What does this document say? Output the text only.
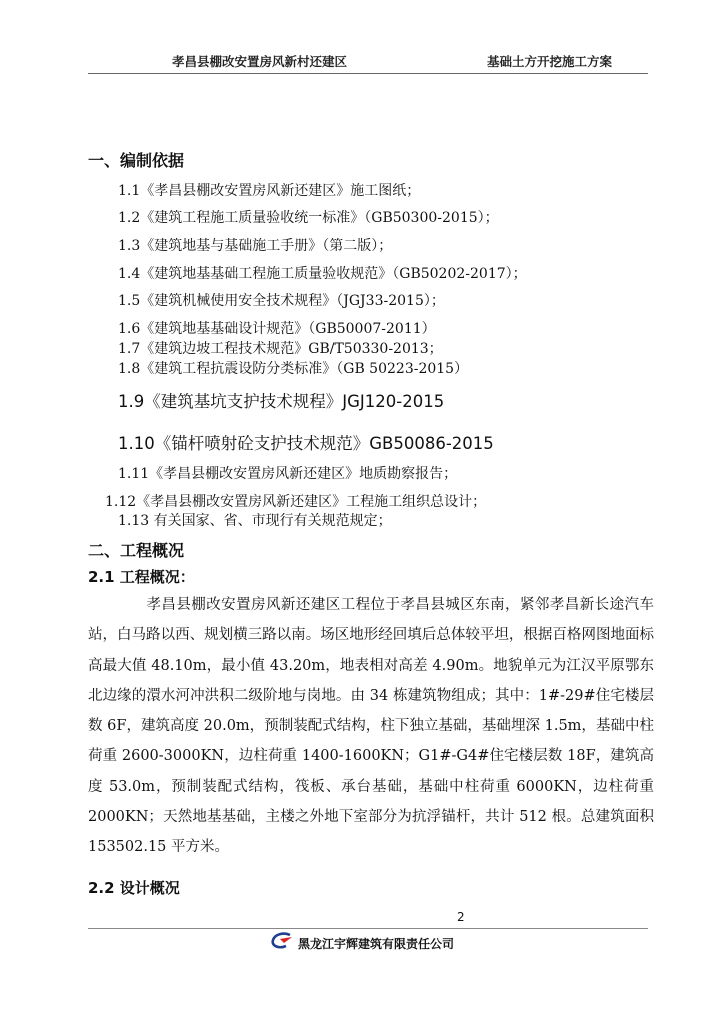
孝昌县棚改安置房风新村还建区	基础土方开挖施工方案
一、编制依据
1.1《孝昌县棚改安置房风新还建区》施工图纸；
1.2《建筑工程施工质量验收统一标准》（GB50300-2015）；
1.3《建筑地基与基础施工手册》（第二版）；
1.4《建筑地基基础工程施工质量验收规范》（GB50202-2017）；
1.5《建筑机械使用安全技术规程》（JGJ33-2015）；
1.6《建筑地基基础设计规范》（GB50007-2011）
1.7《建筑边坡工程技术规范》GB/T50330-2013；
1.8《建筑工程抗震设防分类标准》（GB 50223-2015）
1.9《建筑基坑支护技术规程》JGJ120-2015
1.10《锚杆喷射砼支护技术规范》GB50086-2015
1.11《孝昌县棚改安置房风新还建区》地质勘察报告；
1.12《孝昌县棚改安置房风新还建区》工程施工组织总设计；
1.13 有关国家、省、市现行有关规范规定；
二、工程概况
2.1 工程概况：
孝昌县棚改安置房风新还建区工程位于孝昌县城区东南，紧邻孝昌新长途汽车站，白马路以西、规划横三路以南。场区地形经回填后总体较平坦，根据百格网图地面标高最大值 48.10m，最小值 43.20m，地表相对高差 4.90m。地貌单元为江汉平原鄂东北边缘的澴水河冲洪积二级阶地与岗地。由 34 栋建筑物组成；其中：1#-29#住宅楼层数 6F，建筑高度 20.0m，预制装配式结构，柱下独立基础，基础埋深 1.5m，基础中柱荷重 2600-3000KN，边柱荷重 1400-1600KN；G1#-G4#住宅楼层数 18F，建筑高度 53.0m，预制装配式结构，筏板、承台基础，基础中柱荷重 6000KN，边柱荷重 2000KN；天然地基基础，主楼之外地下室部分为抗浮锚杆，共计 512 根。总建筑面积 153502.15 平方米。
2.2 设计概况
2
黑龙江宇辉建筑有限责任公司
